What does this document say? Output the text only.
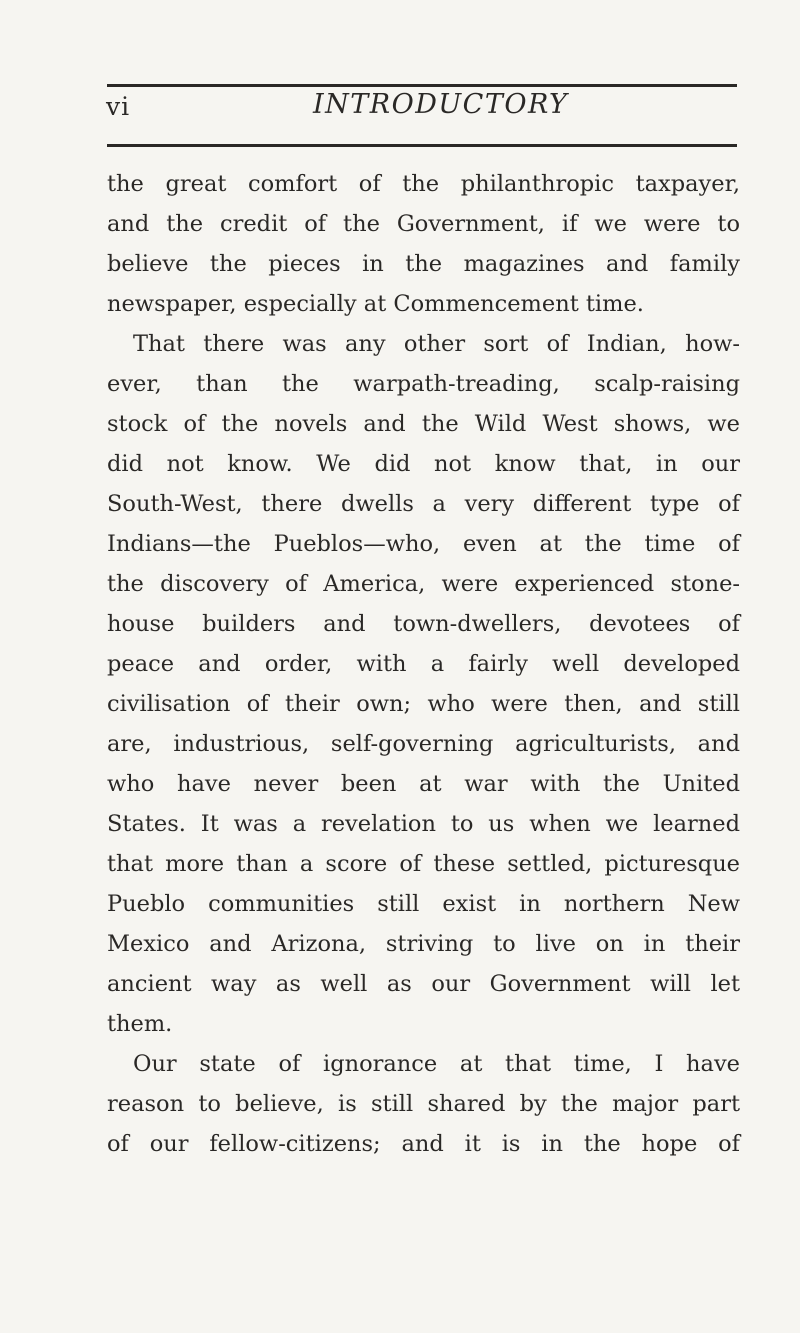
vi	INTRODUCTORY
the great comfort of the philanthropic taxpayer,
and the credit of the Government, if we were to
believe the pieces in the magazines and family
newspaper, especially at Commencement time.
That there was any other sort of Indian, how-
ever, than the warpath-treading, scalp-raising
stock of the novels and the Wild West shows, we
did not know. We did not know that, in our
South-West, there dwells a very different type of
Indians—the Pueblos—who, even at the time of
the discovery of America, were experienced stone-
house builders and town-dwellers, devotees of
peace and order, with a fairly well developed
civilisation of their own; who were then, and still
are, industrious, self-governing agriculturists, and
who have never been at war with the United
States. It was a revelation to us when we learned
that more than a score of these settled, picturesque
Pueblo communities still exist in northern New
Mexico and Arizona, striving to live on in their
ancient way as well as our Government will let
them.
Our state of ignorance at that time, I have
reason to believe, is still shared by the major part
of our fellow-citizens; and it is in the hope of
